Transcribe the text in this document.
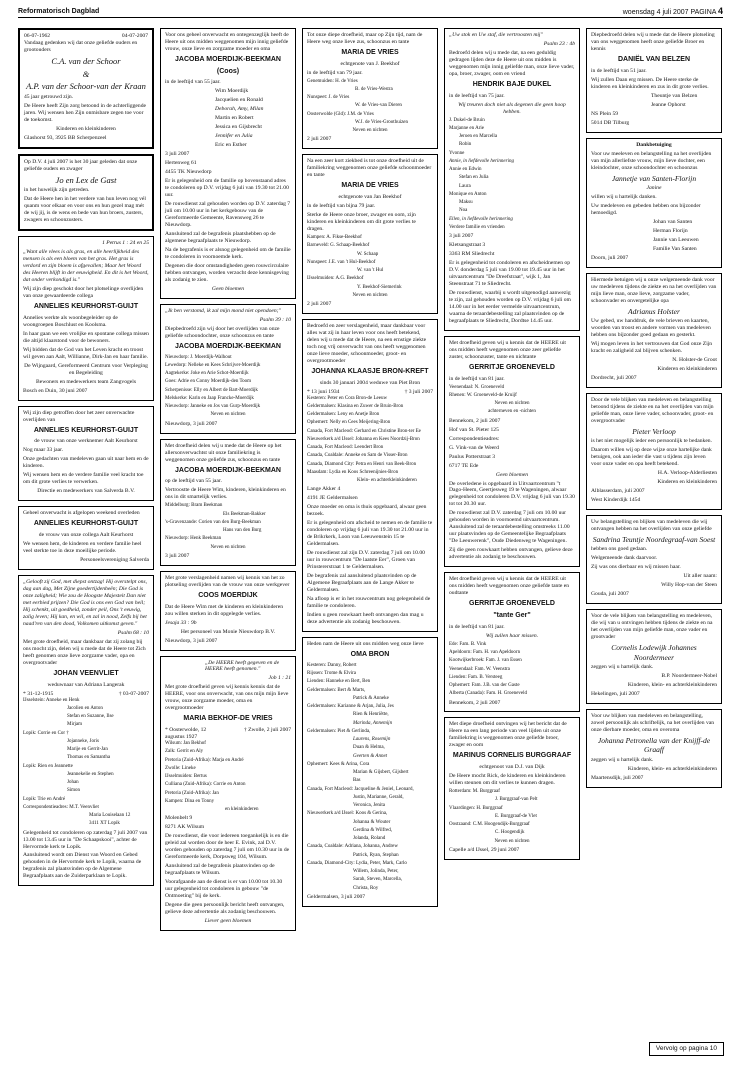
Reformatorisch Dagblad	woensdag 4 juli 2007 PAGINA 4
06-07-1962	04-07-2007

Vandaag gedenken wij dat onze geliefde ouders en grootouders

C.A. van der Schoor
&
A.P. van der Schoor-van der Kraan

45 jaar getrouwd zijn.

De Heere heeft Zijn zorg betoond in de achterliggende jaren. Wij wensen hen Zijn onmisbare zegen toe voor de toekomst.

Kinderen en kleinkinderen

Glashorst 93, 3925 BB Scherpenzeel

Op D.V. 4 juli 2007 is het 30 jaar geleden dat onze geliefde ouders en zwager

Jo en Lex de Gast

in het huwelijk zijn getreden.

Dat de Heere hen in het verdere van hun leven nog vél quanm voor elkaar en voor ons en hun gezel mag mét de wij jij, is de wens en bede van hun broers, zusters, zwagers en schoonzusters.

1 Petrus 1 : 24 en 25

„Want alle vlees is als gras, en alle heerlijkheid des mensen is als een bloem van het gras. Het gras is verdord en zijn bloem is afgevallen; Maar het Woord des Heeren blijft in der eeuwigheid. En dit is het Woord, dat onder verkondigd is."

Wij zijn diep geschokt door het plotselinge overlijden van onze gewaardeerde collega

ANNELIES KEURHORST-GUIJT

Annelies werkte als woonbegeleider op de woongroepen Boschlust en Koolsma.

In haar gaan we een vrolijke en spontane collega missen die altijd klaarstond voor de bewoners.

Wij bidden dat de God van het Leven kracht en troost wil geven aan Aalt, Willianne, Dirk-Jan en haar familie.

De Wijngaard, Gereformeerd Centrum voor Verpleging en Begeleiding

Bewoners en medewerkers team Zangvogels

Bosch en Duin, 30 juni 2007

Wij zijn diep getroffen door het zeer onverwachte overlijden van

ANNELIES KEURHORST-GUIJT

de vrouw van onze werknemer Aalt Keurhorst

Nog maar 33 jaar.

Onze gedachten van medeleven gaan uit naar hem en de kinderen.

Wij wensen hem en de verdere familie veel kracht toe om dit grote verlies te verwerken.

Directie en medewerkers van Salverda B.V.

Geheel onverwacht is afgelopen weekend overleden

ANNELIES KEURHORST-GUIJT

de vrouw van onze collega Aalt Keurhorst

We wensen hem, de kinderen en verdere familie heel veel sterkte toe in deze moeilijke periode.

Personeelsvereniging Salverda

„Gelooft zij God, met diepst ontzag! Hij overstelpt ons, dag aan dag, Met Zijne goedertijdenheên; Die God is onze zaligheid; Wie zou de Hoogste Majesteit Dan niet met eerbied prijzen? Die God is ons een God van heil; Hij schenkt, uit goedheid, zonder peil, Ons 't eeuwig, zalig leven; Hij kan, en wil, en zal in nood, Zelfs bij het naad'ren van den dood, Volkomen uitkomst geven."

Psalm 68 : 10

Met grote droefheid, maar dankbaar dat zij zolang bij ons mocht zijn, delen wij u mede dat de Heere tot Zich heeft genomen onze lieve zorgzame vader, opa en overgrootvader

JOHAN VEENVLIET

weduwnaar van Adriana Langerak

* 31-12-1915	† 03-07-2007

IJsselstein: Anneke en Henk

Jacolien en Anton

Stefan en Suzanne, Ilse

Mirjam

Lopik: Corrie en Cor †

Jojanneke, Joris

Marije en Gerrit-Jan

Thomas en Samantha

Lopik: Rien en Jeannette

Jeannekelie en Stephen

Johan

Simon

Lopik: Trie en André

Correspondentieadres: M.T. Veenvliet

Maria Louiselaan 12

3411 XT Lopik

Gelegenheid tot condoleren op zaterdag 7 juli 2007 van 13.00 tot 13.45 uur in "De Schaapskooi", achter de Hervormde kerk te Lopik.

Aansluitend wordt om Dienst van Woord en Gebed gehouden in de Hervormde kerk te Lopik, waarna de begrafenis zal plaatsvinden op de Algemene Begraafplaats aan de Zuiderparklaan te Lopik.

Voor ons geheel onverwacht en ontegenzeglijk heeft de Heere uit ons midden weggenomen mijn innig geliefde vrouw, onze lieve en zorgzame moeder en oma

JACOBA MOERDIJK-BEEKMAN
(Coos)

in de leeftijd van 55 jaar.

Wim Moerdijk

Jacquelien en Ronald

Deborah, Amy, Milan

Martin en Robert

Jessica en Gijsbrecht

Jennifer en Julia

Eric en Esther

3 juli 2007

Hertenweg 61

4455 TK Nieuwdorp

Er is gelegenheid om de familie op bovenstaand adres te condoleren op D.V. vrijdag 6 juli van 19.30 tot 21.00 uur.

De rouwdienst zal gehouden worden op D.V. zaterdag 7 juli om 10.00 uur in het kerkgebouw van de Gereformeerde Gemeente, Ravensweg 26 te Nieuwdorp.

Aansluitend zal de begrafenis plaatshebben op de algemene begraafplaats te Nieuwdorp.

Na de begrafenis is er alsnog gelegenheid om de familie te condoleren in voornoemde kerk.

Degenen die door omstandigheden geen rouwcirculaire hebben ontvangen, worden verzocht deze kennisgeving als zodanig te zien.

Geen bloemen

„Ik ben verstomd, ik zal mijn mond niet opendoen;"

Psalm 39 : 10

Diepbedroefd zijn wij door het overlijden van onze geliefde schoondochter, onze schoonzus en tante

JACOBA MOERDIJK-BEEKMAN

Nieuwdorp: J. Moerdijk-Walhout

Lewedorp: Nelleke en Kees Schrijver-Moerdijk

Aagtekerke: Joke en Arie Schot-Moerdijk

Goes: Adrie en Conny Moerdijk-den Toom

Scherpenisse: Elly en Albert de Bart-Moerdijk

Melskerke: Karin en Jaap Francke-Moerdijk

Nieuwdorp: Janneke en Jos van Gurp-Moerdijk

Neven en nichten

Nieuwdorp, 3 juli 2007

Met droefheid delen wij u mede dat de Heere op het allersonverwachtst uit onze familiekring is weggenomen onze geliefde zus, schoonzus en tante

JACOBA MOERDIJK-BEEKMAN

op de leeftijd van 55 jaar.

Vertroostte de Heere Wim, kinderen, kleinkinderen en ons in dit smartelijk verlies.

Middelburg: Bram Beekman

Els Beekman-Bakker

's-Gravenzande: Corien van den Burg-Beekman

Hans van den Burg

Nieuwdorp: Henk Beekman

Neven en nichten

3 juli 2007

Met grote verslagenheid namen wij kennis van het zo plotseling overlijden van de vrouw van onze werkgever

COOS MOERDIJK

Dat de Heere Wim met de kinderen en kleinkinderen zou willen sterken in dit opgelegde verlies.

Jesaja 33 : 9b

Het personeel van Monie Nieuwdorp B.V.

Nieuwdorp, 3 juli 2007

„De HEERE heeft gegeven en de HEERE heeft genomen."

Job 1 : 21

Met grote droefheid geven wij kennis kennis dat de HEERE, voor ons onverwacht, van ons mijn mijn lieve vrouw, onze zorgzame moeder, oma en overgrootmoeder

MARIA BEKHOF-DE VRIES
* Oosterwolde, 12 augustus 1927
† Zwolle, 2 juli 2007

Wilsum: Jan Bekhof

Zalk: Gerrit en Aly

Pretoria (Zuid-Afrika): Marja en André

Zwolle: Lineke

IJsselmuiden: Bertus

Culliana (Zuid-Afrika): Corrie en Anton

Pretoria (Zuid-Afrika): Jan

Kampen: Dina en Tonny

en kleinkinderen

Molenbelt 9

8271 AK Wilsum

De rouwdienst, die voor iedereen toegankelijk is en die geleid zal worden door de heer E. Evink, zal D.V. worden gehouden op zaterdag 7 juli om 10.30 uur in de Gereformeerde kerk, Dorpsweg 104, Wilsum.

Aansluitend zal de begrafenis plaatsvinden op de begraafplaats te Wilsum.

Voorafgaande aan de dienst is er van 10.00 tot 10.30 uur gelegenheid tot condoleren in gebouw "de Ontmoeting" bij de kerk.

Degene die geen persoonlijk bericht heeft ontvangen, gelieve deze advertentie als zodanig beschouwen.

Liever geen bloemen

Tot onze diepe droefheid, maar op Zijn tijd, nam de Heere weg onze lieve zus, schoonzus en tante

MARIA DE VRIES

echtgenote van J. Beekhof

in de leeftijd van 79 jaar.

Genemuiden: H. de Vries

B. de Vries-Westra

Nunspeet: J. de Vries

W. de Vries-van Dieren

Oosterwolde (Gld): J.M. de Vries

W.J. de Vries-Groothuizen

Neven en nichten

2 juli 2007

Na een zeer kort ziekbed is tot onze droefheid uit de familiekring weggenomen onze geliefde schoonmoeder en tante

MARIA DE VRIES

echtgenote van Jan Beekhof

in de leeftijd van bijna 79 jaar.

Sterke de Heere onze broer, zwager en oom, zijn kinderen en kleinkinderen om dit grote verlies te dragen.

Kampen: A. Fikse-Beekhof

Barneveld: G. Schaap-Beekhof

W. Schaap

Nunspeet: J.E. van 't Hul-Beekhof

W. van 't Hul

IJsselmuiden: A.G. Beekhof

Y. Beekhof-Siemerink

Neven en nichten

2 juli 2007

Bedroefd en zeer verslagenheid, maar dankbaar voor alles wat zij in haar leven voor ons heeft betekend, delen wij u mede dat de Heere, na een ernstige ziekte toch nog vrij onverwacht van ons heeft weggenomen onze lieve moeder, schoonmoeder, groot- en overgrootmoeder

JOHANNA KLAASJE BRON-KREFT

sinds 30 januari 2004 weduwe van Piet Bron

* 13 juni 1934	† 3 juli 2007

Kesteren: Peter en Cora Bron-de Leeuw

Geldermalsen: Klasina en Zuwer de Bruin-Bron

Geldermalsen: Leny en Anetje Bron

Ophemert: Nelly en Cees Meijering-Bron

Canada, Fort Macleod: Gerhard en Christine Bron-ter Ee

Nieuwerkerk a/d IJssel: Johanna en Kees Noordzij-Bron

Canada, Fort Macleod: Leendert Bron

Canada, Coaldale: Anneke en Sam de Visser-Bron

Canada, Diamond City: Petra en Henri van Beek-Bron

Maasdam: Lydia en Koos Schreenijnies-Bron

Klein- en achterkleinkinderen

Lange Akker 4

4191 JE Geldermalsen

Onze moeder en oma is thuis opgebaard, alwaar geen bezoek.

Er is gelegenheid om afscheid te nemen en de familie te condoleren op vrijdag 6 juli van 19.30 tot 21.00 uur in de Brikrkerk, Loon van Leeuwenstein 15 te Geldermalsen.

De rouwdienst zal zijn D.V. zaterdag 7 juli om 10.00 uur in rouwcentrum "De laatste Eer", Groen van Prinstererstraat 1 te Geldermalsen.

De begrafenis zal aansluitend plaatsvinden op de Algemene Begraafplaats aan de Lange Akker te Geldermalsen.

Na afloop is er in het rouwcentrum nog gelegenheid de familie te condoleren.

Indien u geen rouwkaart heeft ontvangen dan mag u deze advertentie als zodanig beschouwen.

Heden nam de Heere uit ons midden weg onze lieve

OMA BRON

Kesteren: Danny, Robert

Rijssen: Trome & Elvira

Lienden: Hanneke en Bert, Ben

Geldermalsen: Bert & Marts,

Patrick & Anneke

Geldermalsen: Karianne & Arjan, Julia, Jes

Rien & Henriëtte,

Marinda, Annemijn

Geldermalsen: Piet & Gerlinda,

Laurens, Rosemijn

Duan & Helma,

Geerten & Annet

Ophemert: Kees & Arina, Cora

Marian & Gijsbert, Gijsbert

Bas

Canada, Fort Macleod: Jacqueline & Jeniel, Leonard,

Justin, Marianne, Gerald,

Veronica, Jenita

Nieuwerkerk a/d IJssel: Koos & Gerina,

Johanna & Wouter

Gerdina & Wilfred,

Jolanda, Roland

Canada, Coaldale: Adriana, Johanna, Andrew

Patrick, Ryan, Stephan

Canada, Diamond-City: Lydia, Peter, Mark, Carlo

Willem, Jolinda, Peter,

Sarah, Steven, Marcella,

Christa, Roy

Geldermalsen, 3 juli 2007

„Uw stok en Uw staf, die vertroosten mij"

Psalm 23 : 4b

Bedroefd delen wij u mede dat, na een geduldig gedragen lijden deze de Heere uit ons midden is weggenomen mijn innig geliefde man, onze lieve vader, opa, broer, zwager, oom en vriend

HENDRIK BAJE DUKEL

in de leeftijd van 75 jaar.

Wij treuren doch niet als degenen die geen hoop hebben.

J. Dukel-de Bruin

Marjanne en Arie

Jeroen en Marcella

Robin

Yvonne

Annie, in liefdevolle herinnering

Annie en Edwin

Stefan en Julia

Laura

Monique en Anton

Maksu

Noa

Ellen, in liefdevolle herinnering

Verdere familie en vrienden

3 juli 2007

Kletsangstraat 3

3363 RM Sliedrecht

Er is gelegenheid tot condoleren en afscheidnemen op D.V. donderdag 5 juli van 19.00 tot 19.45 uur in het uitvaartcentrum "De Dreefstraat", wijk 1, Jan Steenstraat 71 te Sliedrecht.

De rouwdienst, waarbij u wordt uitgenodigd aanwezig te zijn, zal gehouden worden op D.V. vrijdag 6 juli om 14.00 uur in het eerder vermelde uitvaartcentrum, waarna de teraardebestelling zal plaatsvinden op de begraafplaats te Sliedrecht, Dordtse 14.45 uur.

Met droefheid geven wij u kennis dat de HEERE uit ons midden heeft weggenomen onze zeer geliefde zuster, schoonzuster, tante en nichtante

GERRITJE GROENEVELD

in de leeftijd van 81 jaar.

Veenendaal: N. Groeneveld

Rhenen: W. Groeneveld-de Kruijf

Neven en nichten

achterneven en -nichten

Bennekom, 2 juli 2007

Hof van St. Pieter 125

Correspondentieadres:

G. Vink-van de Weerd

Paulus Potterstraat 3

6717 TE Ede

Geen bloemen

De overledene is opgebaard in Uitvaartcentrum "t Dago-Heem, Geertjesweg 19 te Wageningen, alwaar gelegenheid tot condoleren D.V. vrijdag 6 juli van 19.30 tot tot 20.30 uur.

De rouwdienst zal D.V. zaterdag 7 juli om 10.00 uur gehouden worden in voornoemd uitvaartcentrum. Aansluitend zal de teraardebestelling omstreeks 11.00 uur plaatsvinden op de Gemeentelijke Begraafplaats "De Leeuwerenk", Oude Diedenweg te Wageningen.

Zij die geen rouwkaart hebben ontvangen, gelieve deze advertentie als zodanig te beschouwen.

Met droefheid geven wij u kennis dat de HEERE uit ons midden heeft weggenomen onze geliefde tante en oudtante

GERRITJE GROENEVELD
"tante Ger"

in de leeftijd van 81 jaar.

Wij zullen haar missen.

Ede: Fam. B. Vink

Apeldoorn: Fam. H. van Apeldoorn

Kootwijkerbroek: Fam. J. van Essen

Veenendaal: Fam. W. Veenstra

Lienden: Fam. B. Versteeg

Ophemert: Fam. J.B. van der Gaste

Alberta (Canada): Fam. H. Groeneveld

Bennekom, 2 juli 2007

Met diepe droefheid ontvingen wij het bericht dat de Heere na een lang periode van veel lijden uit onze familiekring is weggenomen onze geliefde broer, zwager en oom

MARINUS CORNELIS BURGGRAAF

echtgenoot van D.J. van Dijk

De Heere mocht Rick, de kinderen en kleinkinderen willen steunen om dit verlies te kunnen dragen.

Rotterdam: M. Burggraaf

J. Burggraaf-van Pelt

Vlaardingen: H. Burggraaf

E. Burggraaf-de Vlet

Oostzaand: C.M. Hoogendijk-Burggraaf

C. Hoogendijk

Neven en nichten

Capelle a/d IJssel, 29 juni 2007

Diepbedroefd delen wij u mede dat de Heere plotseling van ons weggenomen heeft onze geliefde Broer en kennis

DANIËL VAN BELZEN

in de leeftijd van 51 jaar.

Wij zullen Daan erg missen. De Heere sterke de kinderen en kleinkinderen en zus in dit grote verlies.

Theuntje van Belzen

Jeanne Ophorst

NS Plein 59

5014 DB Tilburg

Dankbetuiging

Voor uw meeleven en belangstelling na het overlijden van mijn allerliefste vrouw, mijn lieve dochter, een kleindochter, onze schoondochter en schoonzus

Jannetje van Santen-Florijn

Janine

willen wij u hartelijk danken.

Uw medeleven en gebeden hebben ons bijzonder hemoedigd.

Johan van Santen

Herman Florijn

Jannie van Leeuwen

Familie Van Santen

Doorn, juli 2007

Hiermede betuigen wij u onze welgemeende dank voor uw medeleven tijdens de ziekte en na het overlijden van mijn lieve man, onze lieve, zorgzame vader, schoonvader en onvergetelijke opa

Adrianus Holster

Uw gebed, uw handdruk, de vele brieven en kaarten, woorden van troost en andere vormen van medeleven hebben ons bijzonder goed gedaan en gesterkt.

Wij mogen leven in het vertrouwen dat God onze Zijn kracht en zaligheid zal blijven schenken.

N. Holster-de Groot

Kinderen en kleinkinderen

Dordrecht, juli 2007

Door de vele blijken van medeleven en belangstelling betoond tijdens de ziekte en na het overlijden van mijn geliefde man, onze lieve vader, schoonvader, groot- en overgrootvader

Pieter Verloop

is het niet mogelijk ieder een persoonlijk te bedanken.

Daarom willen wij op deze wijze onze hartelijke dank betuigen, ook aan ieder die vast u tijdens zijn leven voor onze vader en opa heeft betekend.

H.A. Verloop-Alderliesten

Kinderen en kleinkinderen

Alblasserdam, juli 2007

West Kinderdijk 145d

Uw belangstelling en blijken van medeleven die wij ontvangen hebben na het overlijden van onze geliefde

Sandrina Teuntje Noordegraaf-van Soest

hebben ons goed gedaan.

Welgemeende dank daarvoor.

Zij was ons dierbaar en wij missen haar.

Uit aller naam:

Willy Hop-van der Steen

Gouda, juli 2007

Voor de vele blijken van belangstelling en medeleven, die wij van u ontvingen hebben tijdens de ziekte en na het overlijden van mijn geliefde man, onze vader en grootvader

Cornelis Lodewijk Johannes Noordermeer

zeggen wij u hartelijk dank.

B.P. Noordermeer-Nobel

Kinderen, klein- en achterkleinkinderen

Hekelingen, juli 2007

Voor uw blijken van medeleven en belangstelling, zowel persoonlijk als schriftelijk, na het overlijden van onze dierbare moeder, oma en overoma

Johanna Petronella van der Knijff-de Graaff

zeggen wij u hartelijk dank.

Kinderen, klein- en achterkleinkinderen

Maartensdijk, juli 2007

Vervolg op pagina 10
